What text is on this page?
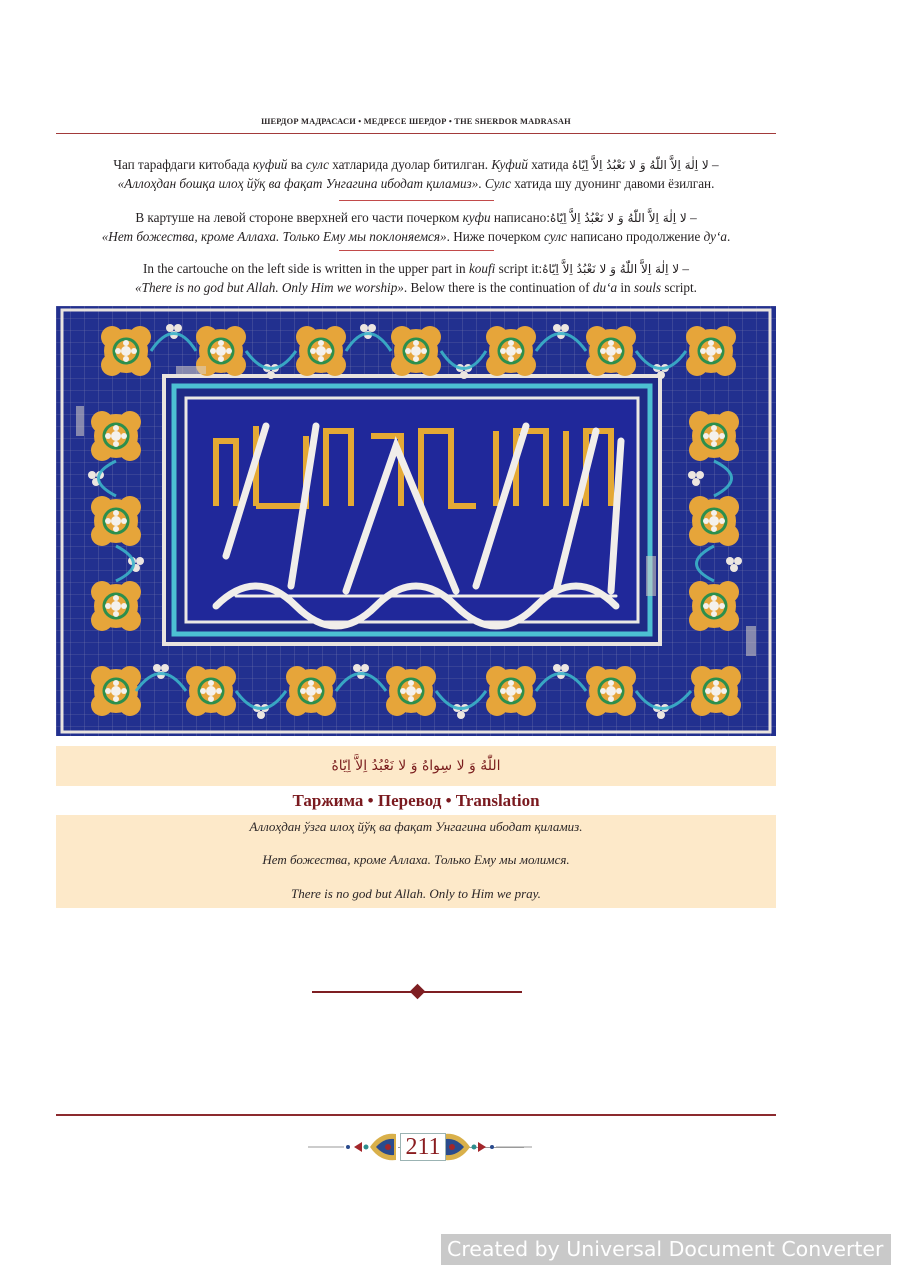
ШЕРДОР МАДРАСАСИ • МЕДРЕСЕ ШЕРДОР • THE SHERDOR MADRASAH
Чап тарафдаги китобада куфий ва сулс хатларида дуолар битилган. Куфий хатида لا اِلٰهَ اِلاَّ اللّٰهُ وَ لا نَعْبُدُ اِلاَّ اِيّاهُ –
«Аллоҳдан бошқа илоҳ йўқ ва фақат Унгагина ибодат қиламиз». Сулс хатида шу дуонинг давоми ёзилган.
В картуше на левой стороне вверхней его части почерком куфи написано:لا اِلٰهَ اِلاَّ اللّٰهُ وَ لا نَعْبُدُ اِلاَّ اِيّاهُ –
«Нет божества, кроме Аллаха. Только Ему мы поклоняемся». Ниже почерком сулс написано продолжение ду‘а.
In the cartouche on the left side is written in the upper part in koufi script it:لا اِلٰهَ اِلاَّ اللّٰهُ وَ لا نَعْبُدُ اِلاَّ اِيّاهُ –
«There is no god but Allah. Only Him we worship». Below there is the continuation of du‘a in souls script.
اللّٰهُ وَ لا سِواهُ وَ لا نَعْبُدُ اِلاَّ اِيّاهُ
Таржима • Перевод • Translation
Аллоҳдан ўзга илоҳ йўқ ва фақат Унгагина ибодат қиламиз.
Нет божества, кроме Аллаха. Только Ему мы молимся.
There is no god but Allah. Only to Him we pray.
211
Created by Universal Document Converter
